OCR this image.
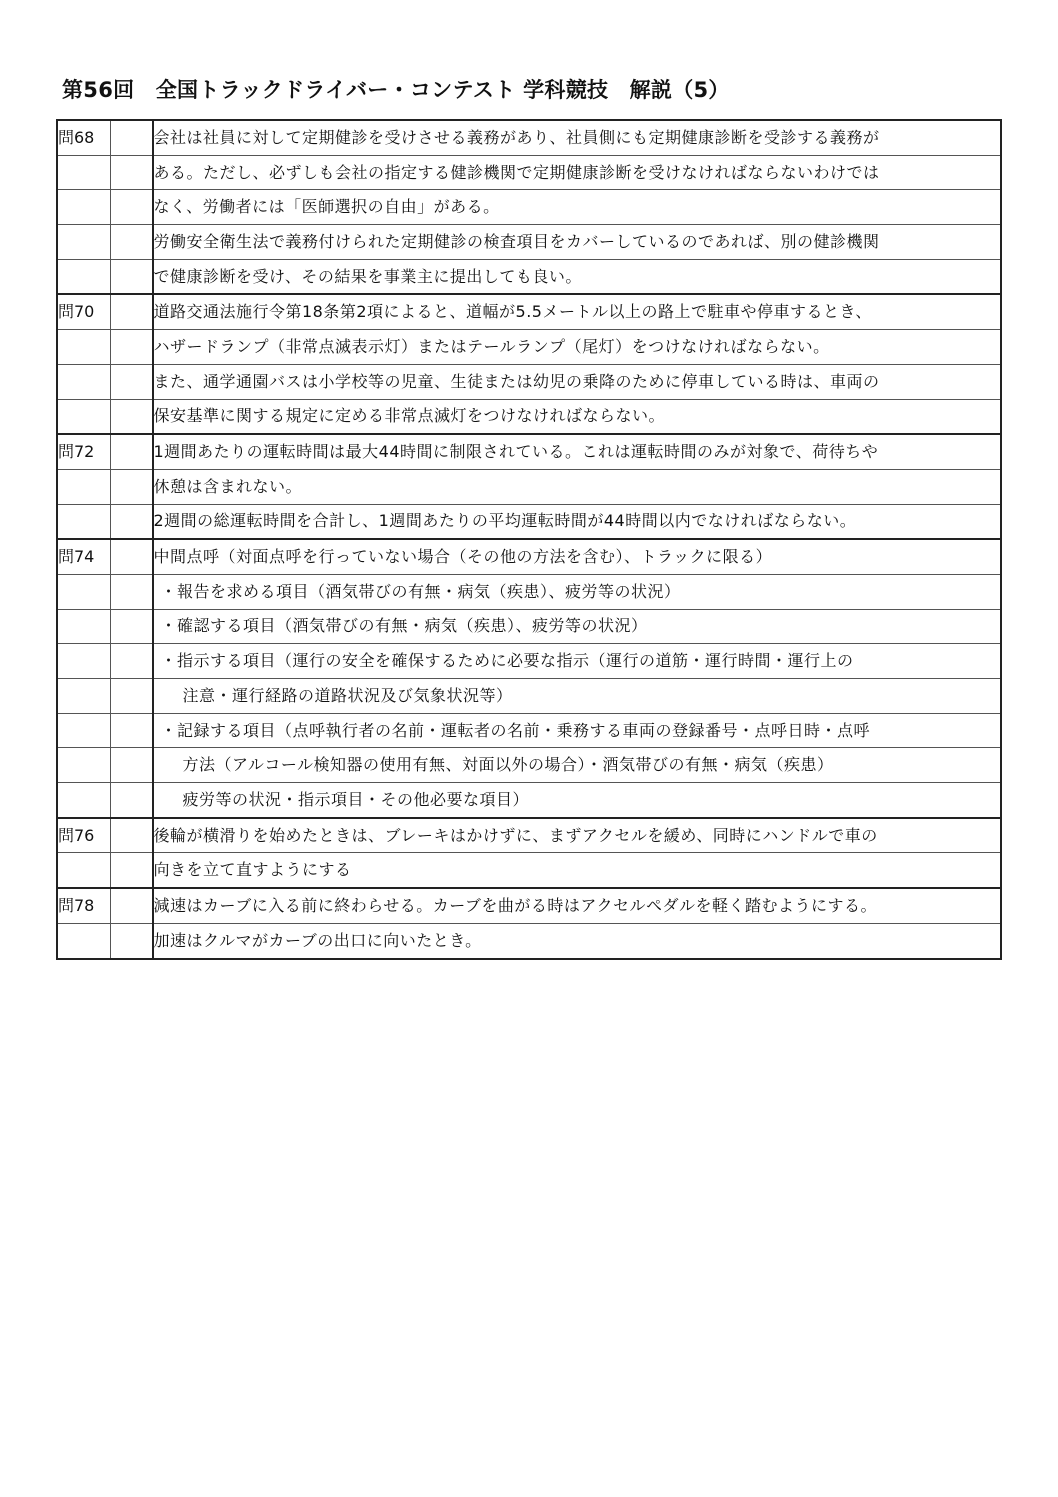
第56回　全国トラックドライバー・コンテスト 学科競技　解説（5）
問68		会社は社員に対して定期健診を受けさせる義務があり、社員側にも定期健康診断を受診する義務が
		ある。ただし、必ずしも会社の指定する健診機関で定期健康診断を受けなければならないわけでは
		なく、労働者には「医師選択の自由」がある。
		労働安全衛生法で義務付けられた定期健診の検査項目をカバーしているのであれば、別の健診機関
		で健康診断を受け、その結果を事業主に提出しても良い。
問70		道路交通法施行令第18条第2項によると、道幅が5.5メートル以上の路上で駐車や停車するとき、
		ハザードランプ（非常点滅表示灯）またはテールランプ（尾灯）をつけなければならない。
		また、通学通園バスは小学校等の児童、生徒または幼児の乗降のために停車している時は、車両の
		保安基準に関する規定に定める非常点滅灯をつけなければならない。
問72		1週間あたりの運転時間は最大44時間に制限されている。これは運転時間のみが対象で、荷待ちや
		休憩は含まれない。
		2週間の総運転時間を合計し、1週間あたりの平均運転時間が44時間以内でなければならない。
問74		中間点呼（対面点呼を行っていない場合（その他の方法を含む）、トラックに限る）
		・報告を求める項目（酒気帯びの有無・病気（疾患）、疲労等の状況）
		・確認する項目（酒気帯びの有無・病気（疾患）、疲労等の状況）
		・指示する項目（運行の安全を確保するために必要な指示（運行の道筋・運行時間・運行上の
		注意・運行経路の道路状況及び気象状況等）
		・記録する項目（点呼執行者の名前・運転者の名前・乗務する車両の登録番号・点呼日時・点呼
		方法（アルコール検知器の使用有無、対面以外の場合）・酒気帯びの有無・病気（疾患）
		疲労等の状況・指示項目・その他必要な項目）
問76		後輪が横滑りを始めたときは、ブレーキはかけずに、まずアクセルを緩め、同時にハンドルで車の
		向きを立て直すようにする
問78		減速はカーブに入る前に終わらせる。カーブを曲がる時はアクセルペダルを軽く踏むようにする。
		加速はクルマがカーブの出口に向いたとき。
